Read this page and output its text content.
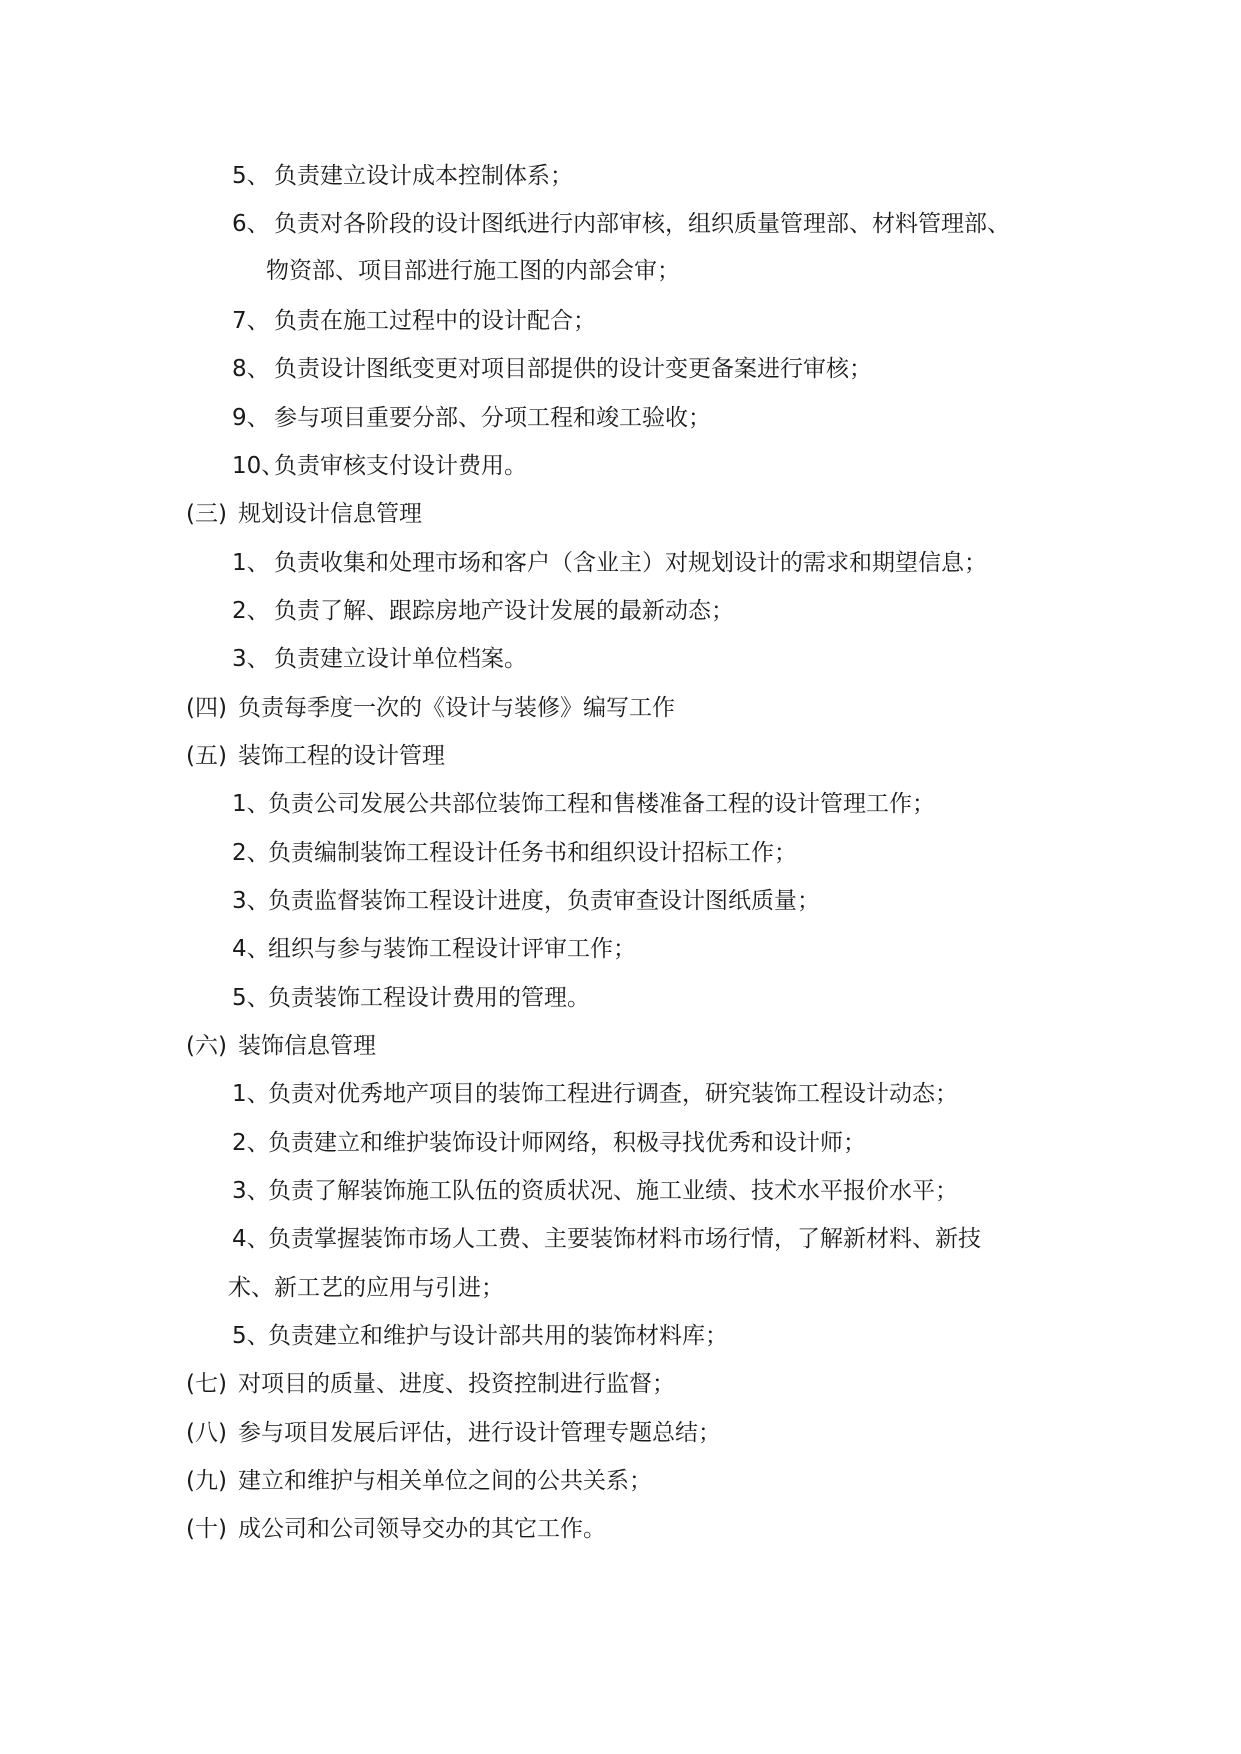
5、 负责建立设计成本控制体系；
6、 负责对各阶段的设计图纸进行内部审核，组织质量管理部、材料管理部、
物资部、项目部进行施工图的内部会审；
7、 负责在施工过程中的设计配合；
8、 负责设计图纸变更对项目部提供的设计变更备案进行审核；
9、 参与项目重要分部、分项工程和竣工验收；
10、负责审核支付设计费用。
(三) 规划设计信息管理
1、 负责收集和处理市场和客户（含业主）对规划设计的需求和期望信息；
2、 负责了解、跟踪房地产设计发展的最新动态；
3、 负责建立设计单位档案。
(四) 负责每季度一次的《设计与装修》编写工作
(五) 装饰工程的设计管理
1、负责公司发展公共部位装饰工程和售楼准备工程的设计管理工作；
2、负责编制装饰工程设计任务书和组织设计招标工作；
3、负责监督装饰工程设计进度，负责审查设计图纸质量；
4、组织与参与装饰工程设计评审工作；
5、负责装饰工程设计费用的管理。
(六) 装饰信息管理
1、负责对优秀地产项目的装饰工程进行调查，研究装饰工程设计动态；
2、负责建立和维护装饰设计师网络，积极寻找优秀和设计师；
3、负责了解装饰施工队伍的资质状况、施工业绩、技术水平报价水平；
4、负责掌握装饰市场人工费、主要装饰材料市场行情，了解新材料、新技
术、新工艺的应用与引进；
5、负责建立和维护与设计部共用的装饰材料库；
(七) 对项目的质量、进度、投资控制进行监督；
(八) 参与项目发展后评估，进行设计管理专题总结；
(九) 建立和维护与相关单位之间的公共关系；
(十) 成公司和公司领导交办的其它工作。
